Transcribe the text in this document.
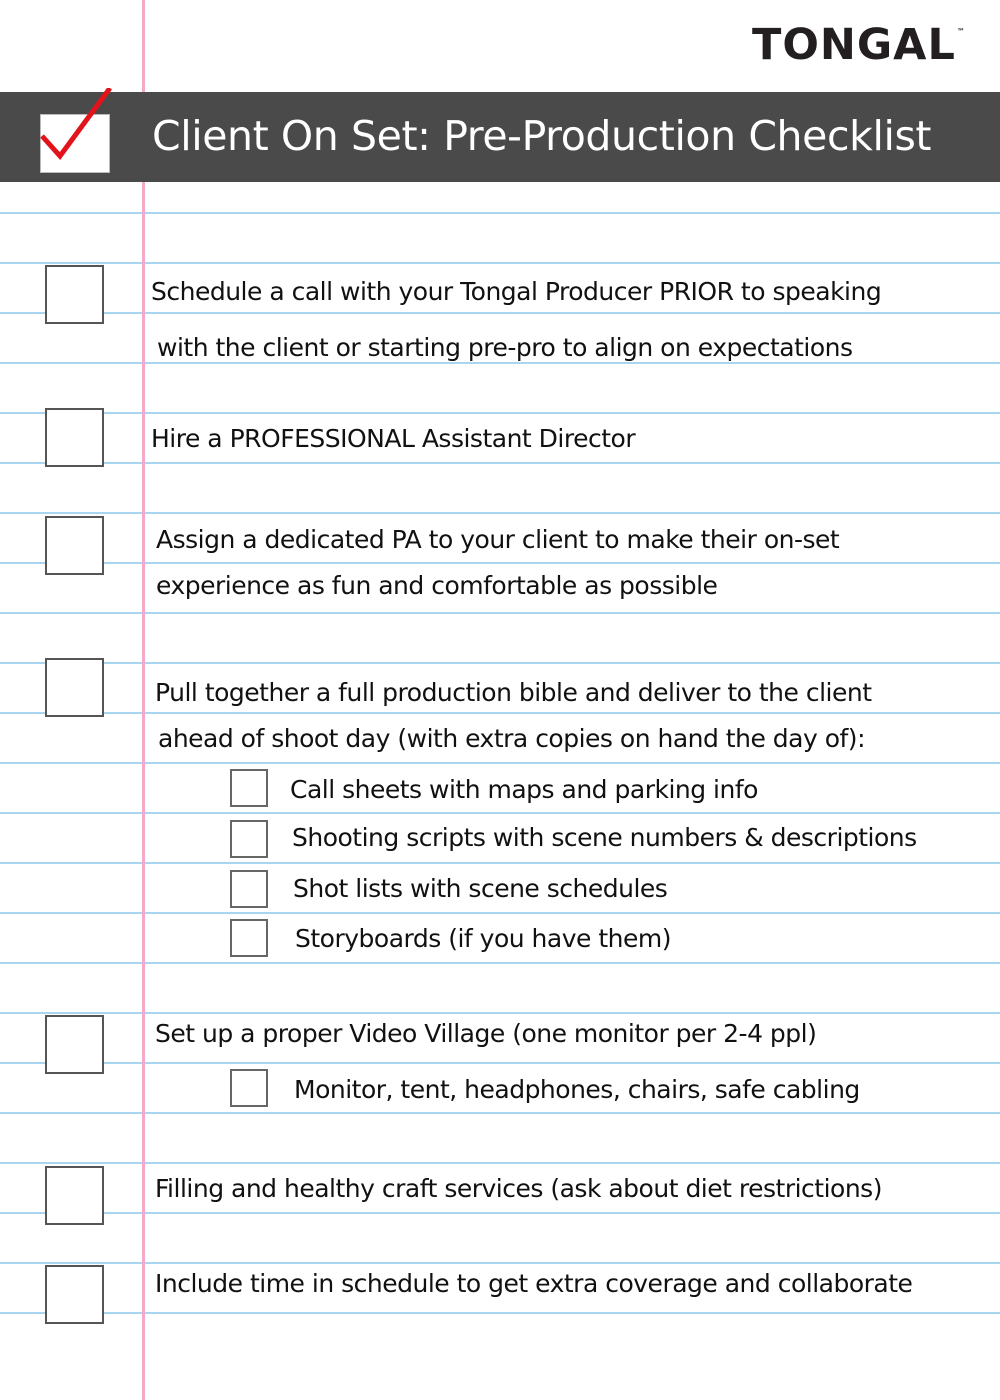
TONGAL™
Client On Set: Pre-Production Checklist
Schedule a call with your Tongal Producer PRIOR to speaking
with the client or starting pre-pro to align on expectations
Hire a PROFESSIONAL Assistant Director
Assign a dedicated PA to your client to make their on-set
experience as fun and comfortable as possible
Pull together a full production bible and deliver to the client
ahead of shoot day (with extra copies on hand the day of):
Call sheets with maps and parking info
Shooting scripts with scene numbers & descriptions
Shot lists with scene schedules
Storyboards (if you have them)
Set up a proper Video Village (one monitor per 2-4 ppl)
Monitor, tent, headphones, chairs, safe cabling
Filling and healthy craft services (ask about diet restrictions)
Include time in schedule to get extra coverage and collaborate
